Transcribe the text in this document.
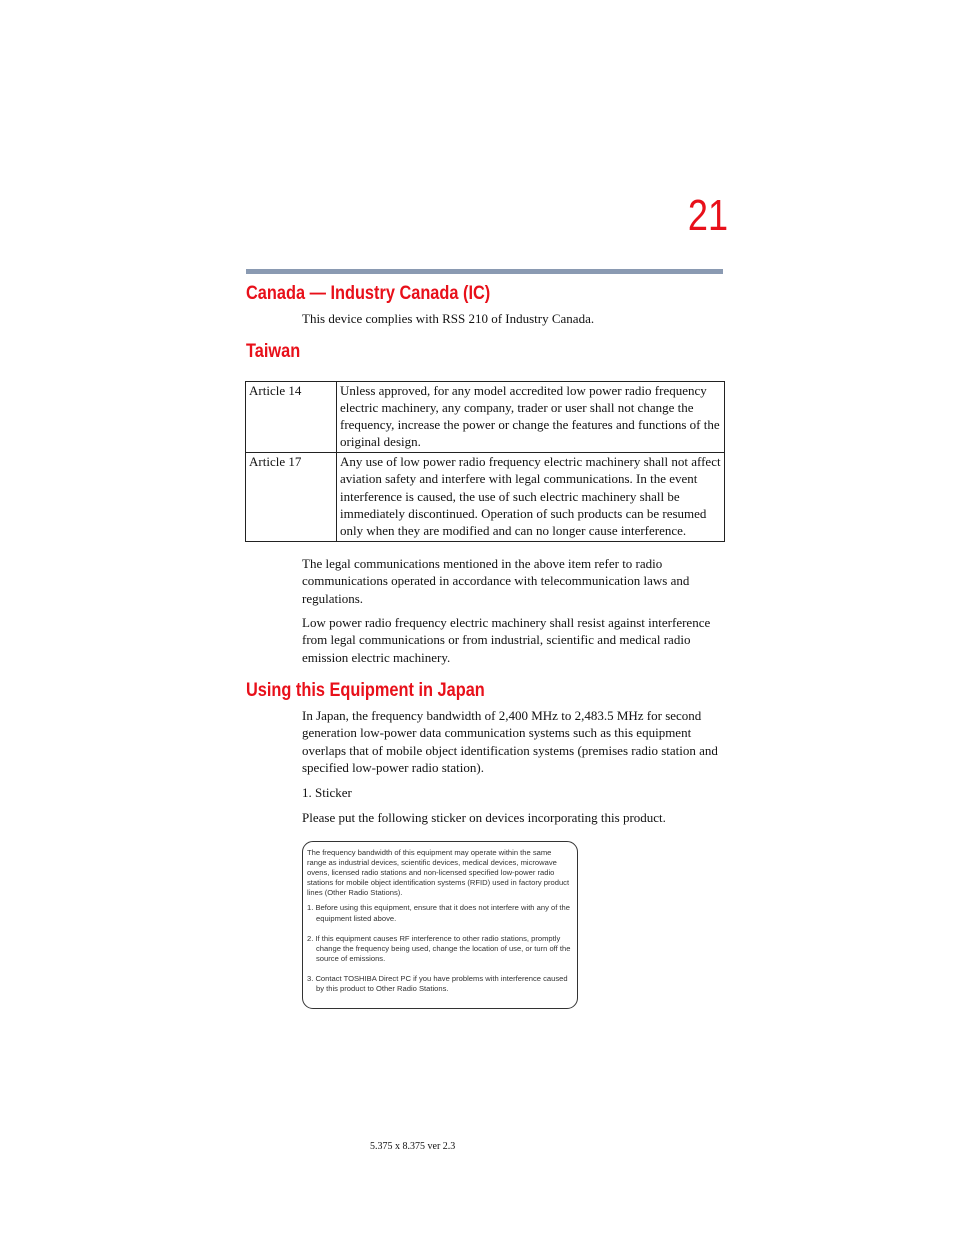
21
Canada — Industry Canada (IC)

This device complies with RSS 210 of Industry Canada.

Taiwan
Article 14	Unless approved, for any model accredited low power radio frequency electric machinery, any company, trader or user shall not change the frequency, increase the power or change the features and functions of the original design.
Article 17	Any use of low power radio frequency electric machinery shall not affect aviation safety and interfere with legal communications. In the event interference is caused, the use of such electric machinery shall be immediately discontinued. Operation of such products can be resumed only when they are modified and can no longer cause interference.

The legal communications mentioned in the above item refer to radio communications operated in accordance with telecommunication laws and regulations.

Low power radio frequency electric machinery shall resist against interference from legal communications or from industrial, scientific and medical radio emission electric machinery.

Using this Equipment in Japan

In Japan, the frequency bandwidth of 2,400 MHz to 2,483.5 MHz for second generation low-power data communication systems such as this equipment overlaps that of mobile object identification systems (premises radio station and specified low-power radio station).

1. Sticker

Please put the following sticker on devices incorporating this product.

The frequency bandwidth of this equipment may operate within the same range as industrial devices, scientific devices, medical devices, microwave ovens, licensed radio stations and non-licensed specified low-power radio stations for mobile object identification systems (RFID) used in factory product lines (Other Radio Stations).

1. Before using this equipment, ensure that it does not interfere with any of the equipment listed above.
2. If this equipment causes RF interference to other radio stations, promptly change the frequency being used, change the location of use, or turn off the source of emissions.
3. Contact TOSHIBA Direct PC if you have problems with interference caused by this product to Other Radio Stations.

5.375 x 8.375 ver 2.3
